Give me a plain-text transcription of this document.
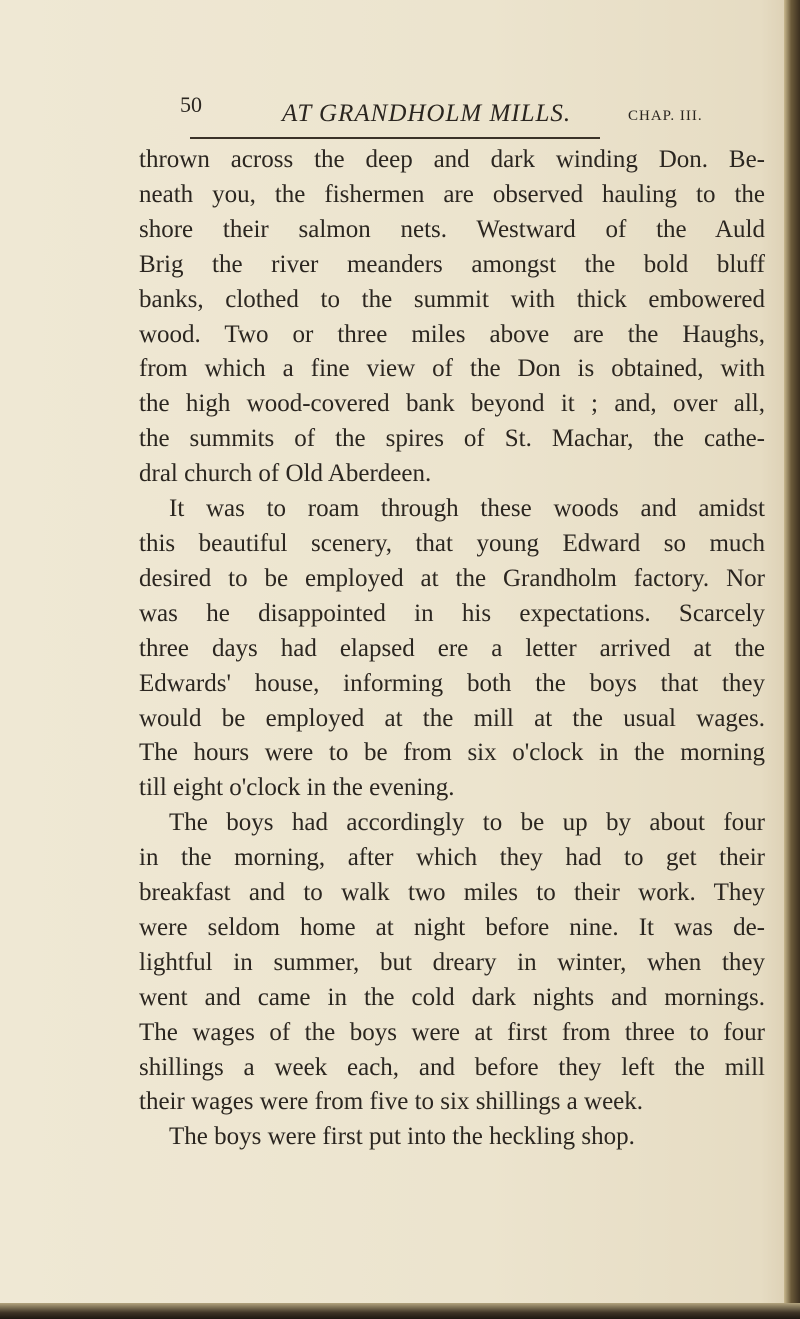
50	AT GRANDHOLM MILLS.	CHAP. III.
thrown across the deep and dark winding Don. Be-
neath you, the fishermen are observed hauling to the
shore their salmon nets. Westward of the Auld
Brig the river meanders amongst the bold bluff
banks, clothed to the summit with thick embowered
wood. Two or three miles above are the Haughs,
from which a fine view of the Don is obtained, with
the high wood-covered bank beyond it ; and, over all,
the summits of the spires of St. Machar, the cathe-
dral church of Old Aberdeen.
It was to roam through these woods and amidst
this beautiful scenery, that young Edward so much
desired to be employed at the Grandholm factory. Nor
was he disappointed in his expectations. Scarcely
three days had elapsed ere a letter arrived at the
Edwards' house, informing both the boys that they
would be employed at the mill at the usual wages.
The hours were to be from six o'clock in the morning
till eight o'clock in the evening.
The boys had accordingly to be up by about four
in the morning, after which they had to get their
breakfast and to walk two miles to their work. They
were seldom home at night before nine. It was de-
lightful in summer, but dreary in winter, when they
went and came in the cold dark nights and mornings.
The wages of the boys were at first from three to four
shillings a week each, and before they left the mill
their wages were from five to six shillings a week.
The boys were first put into the heckling shop.
